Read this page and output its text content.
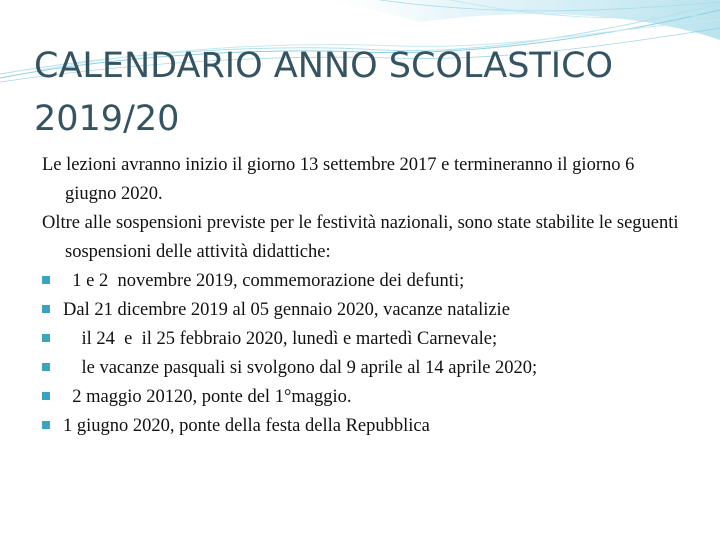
CALENDARIO ANNO SCOLASTICO
2019/20

Le lezioni avranno inizio il giorno 13 settembre 2017 e termineranno il giorno 6 giugno 2020.

Oltre alle sospensioni previste per le festività nazionali, sono state stabilite le seguenti sospensioni delle attività didattiche:

1 e 2  novembre 2019, commemorazione dei defunti;
Dal 21 dicembre 2019 al 05 gennaio 2020, vacanze natalizie
il 24  e  il 25 febbraio 2020, lunedì e martedì Carnevale;
le vacanze pasquali si svolgono dal 9 aprile al 14 aprile 2020;
2 maggio 20120, ponte del 1°maggio.
1 giugno 2020, ponte della festa della Repubblica
